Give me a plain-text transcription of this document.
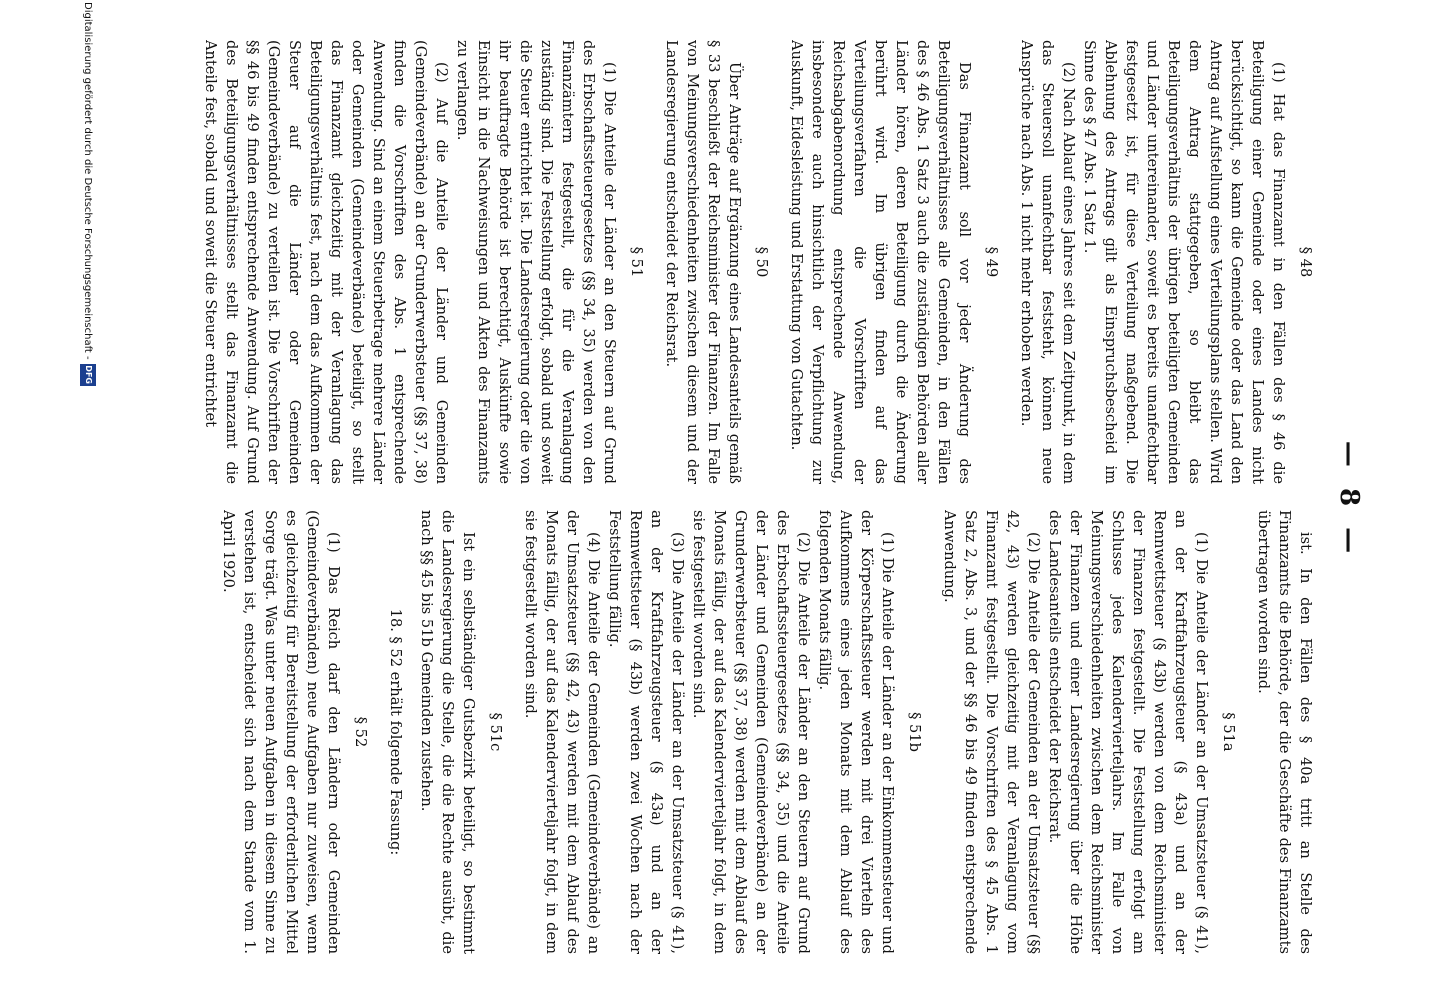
— 8 —
§ 48

(1) Hat das Finanzamt in den Fällen des § 46 die Beteiligung einer Gemeinde oder eines Landes nicht berücksichtigt, so kann die Gemeinde oder das Land den Antrag auf Aufstellung eines Verteilungsplans stellen. Wird dem Antrag stattgegeben, so bleibt das Beteiligungsverhältnis der übrigen beteiligten Gemeinden und Länder untereinander, soweit es bereits unanfechtbar festgesetzt ist, für diese Verteilung maßgebend. Die Ablehnung des Antrags gilt als Einspruchsbescheid im Sinne des § 47 Abs. 1 Satz 1.

(2) Nach Ablauf eines Jahres seit dem Zeitpunkt, in dem das Steuersoll unanfechtbar feststeht, können neue Ansprüche nach Abs. 1 nicht mehr erhoben werden.

§ 49

Das Finanzamt soll vor jeder Änderung des Beteiligungsverhältnisses alle Gemeinden, in den Fällen des § 46 Abs. 1 Satz 3 auch die zuständigen Behörden aller Länder hören, deren Beteiligung durch die Änderung berührt wird. Im übrigen finden auf das Verteilungsverfahren die Vorschriften der Reichsabgabenordnung entsprechende Anwendung, insbesondere auch hinsichtlich der Verpflichtung zur Auskunft, Eidesleistung und Erstattung von Gutachten.

§ 50

Über Anträge auf Ergänzung eines Landesanteils gemäß § 33 beschließt der Reichsminister der Finanzen. Im Falle von Meinungsverschiedenheiten zwischen diesem und der Landesregierung entscheidet der Reichsrat.

§ 51

(1) Die Anteile der Länder an den Steuern auf Grund des Erbschaftssteuergesetzes (§§ 34, 35) werden von den Finanzämtern festgestellt, die für die Veranlagung zuständig sind. Die Feststellung erfolgt, sobald und soweit die Steuer entrichtet ist. Die Landesregierung oder die von ihr beauftragte Behörde ist berechtigt, Auskünfte sowie Einsicht in die Nachweisungen und Akten des Finanzamts zu verlangen.

(2) Auf die Anteile der Länder und Gemeinden (Gemeindeverbände) an der Grunderwerbsteuer (§§ 37, 38) finden die Vorschriften des Abs. 1 entsprechende Anwendung. Sind an einem Steuerbetrage mehrere Länder oder Gemeinden (Gemeindeverbände) beteiligt, so stellt das Finanzamt gleichzeitig mit der Veranlagung das Beteiligungsverhältnis fest, nach dem das Aufkommen der Steuer auf die Länder oder Gemeinden (Gemeindeverbände) zu verteilen ist. Die Vorschriften der §§ 46 bis 49 finden entsprechende Anwendung. Auf Grund des Beteiligungsverhältnisses stellt das Finanzamt die Anteile fest, sobald und soweit die Steuer entrichtet

ist. In den Fällen des § 40a tritt an Stelle des Finanzamts die Behörde, der die Geschäfte des Finanzamts übertragen worden sind.

§ 51a

(1) Die Anteile der Länder an der Umsatzsteuer (§ 41), an der Kraftfahrzeugsteuer (§ 43a) und an der Rennwettsteuer (§ 43b) werden von dem Reichsminister der Finanzen festgestellt. Die Feststellung erfolgt am Schlusse jedes Kalendervierteljahrs. Im Falle von Meinungsverschiedenheiten zwischen dem Reichsminister der Finanzen und einer Landesregierung über die Höhe des Landesanteils entscheidet der Reichsrat.

(2) Die Anteile der Gemeinden an der Umsatzsteuer (§§ 42, 43) werden gleichzeitig mit der Veranlagung vom Finanzamt festgestellt. Die Vorschriften des § 45 Abs. 1 Satz 2, Abs. 3, und der §§ 46 bis 49 finden entsprechende Anwendung.

§ 51b

(1) Die Anteile der Länder an der Einkommensteuer und der Körperschaftssteuer werden mit drei Vierteln des Aufkommens eines jeden Monats mit dem Ablauf des folgenden Monats fällig.

(2) Die Anteile der Länder an den Steuern auf Grund des Erbschaftssteuergesetzes (§§ 34, 35) und die Anteile der Länder und Gemeinden (Gemeindeverbände) an der Grunderwerbsteuer (§§ 37, 38) werden mit dem Ablauf des Monats fällig, der auf das Kalendervierteljahr folgt, in dem sie festgestellt worden sind.

(3) Die Anteile der Länder an der Umsatzsteuer (§ 41), an der Kraftfahrzeugsteuer (§ 43a) und an der Rennwettsteuer (§ 43b) werden zwei Wochen nach der Feststellung fällig.

(4) Die Anteile der Gemeinden (Gemeindeverbände) an der Umsatzsteuer (§§ 42, 43) werden mit dem Ablauf des Monats fällig, der auf das Kalendervierteljahr folgt, in dem sie festgestellt worden sind.

§ 51c

Ist ein selbständiger Gutsbezirk beteiligt, so bestimmt die Landesregierung die Stelle, die die Rechte ausübt, die nach §§ 45 bis 51b Gemeinden zustehen.

18. § 52 erhält folgende Fassung:
§ 52

(1) Das Reich darf den Ländern oder Gemeinden (Gemeindeverbänden) neue Aufgaben nur zuweisen, wenn es gleichzeitig für Bereitstellung der erforderlichen Mittel Sorge trägt. Was unter neuen Aufgaben in diesem Sinne zu verstehen ist, entscheidet sich nach dem Stande vom 1. April 1920.

Digitalisierung gefördert durch die Deutsche Forschungsgemeinschaft -
DFG
